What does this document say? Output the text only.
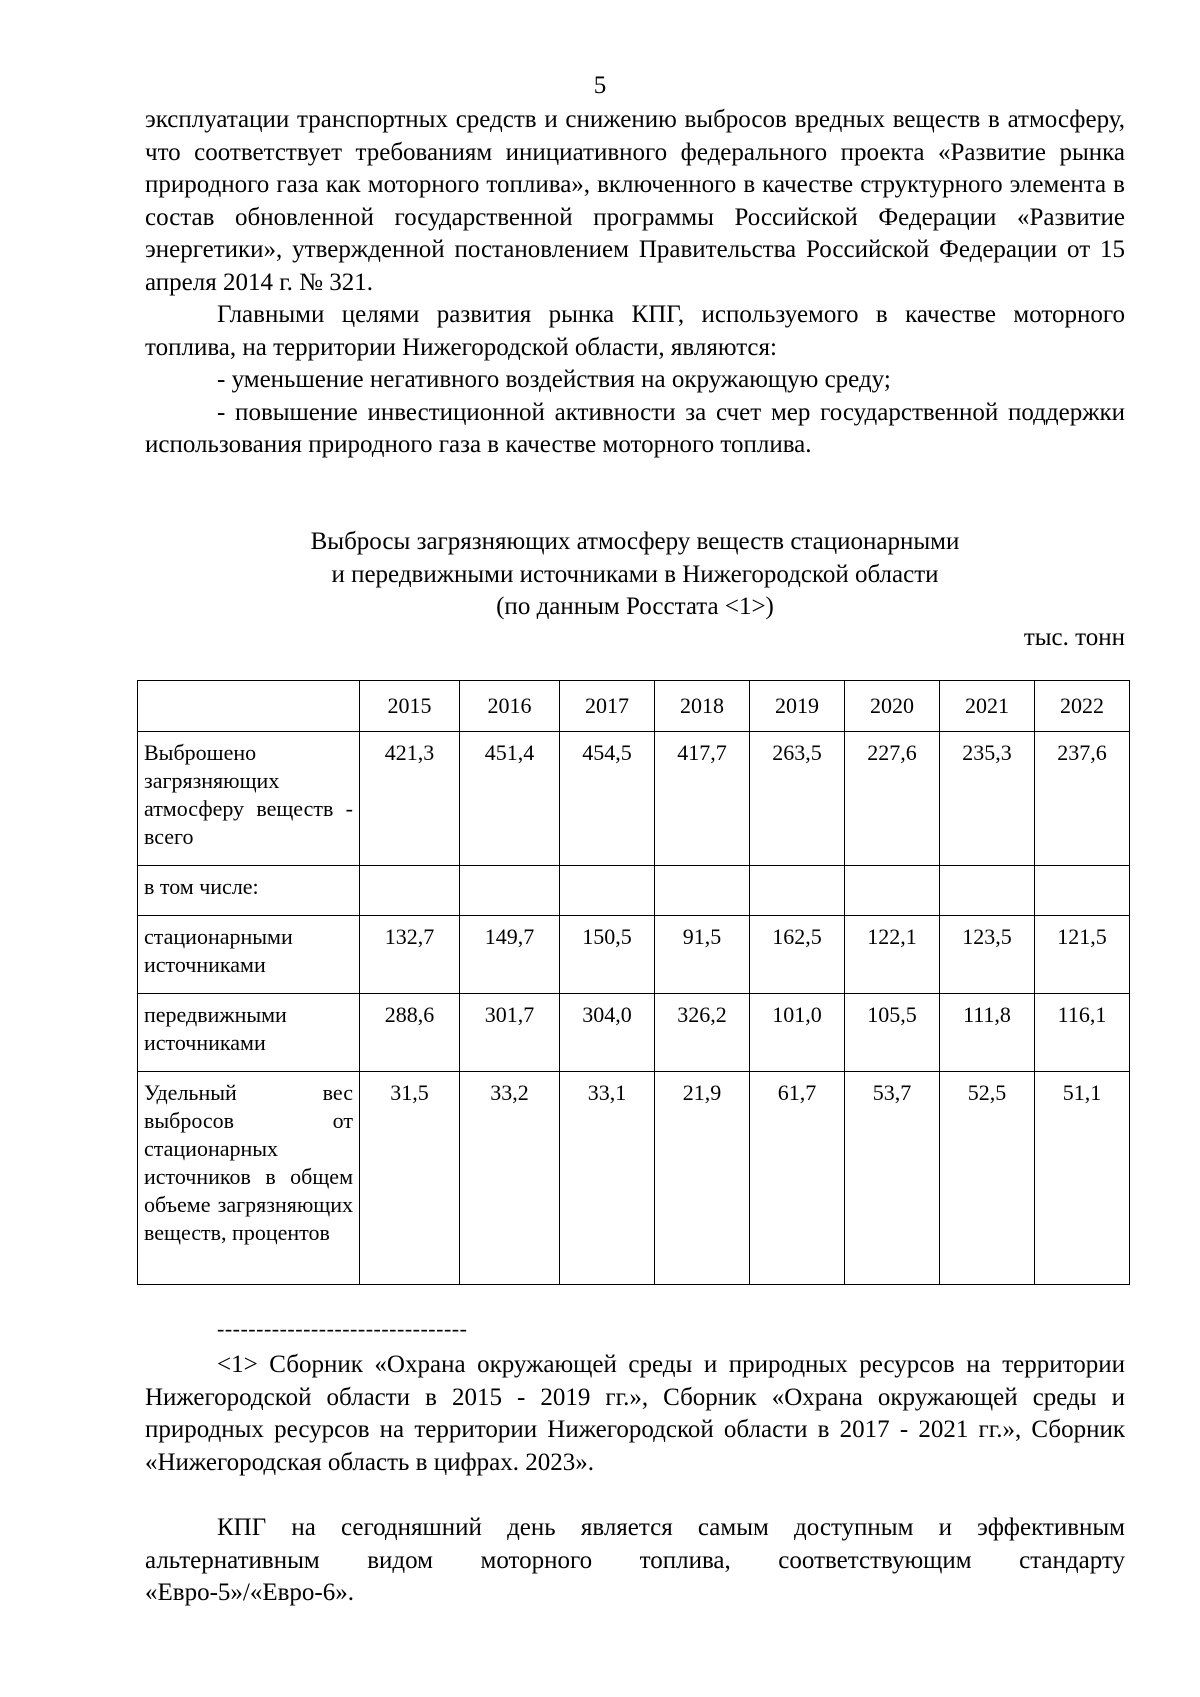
5

эксплуатации транспортных средств и снижению выбросов вредных веществ в атмосферу, что соответствует требованиям инициативного федерального проекта «Развитие рынка природного газа как моторного топлива», включенного в качестве структурного элемента в состав обновленной государственной программы Российской Федерации «Развитие энергетики», утвержденной постановлением Правительства Российской Федерации от 15 апреля 2014 г. № 321.

Главными целями развития рынка КПГ, используемого в качестве моторного топлива, на территории Нижегородской области, являются:

- уменьшение негативного воздействия на окружающую среду;

- повышение инвестиционной активности за счет мер государственной поддержки использования природного газа в качестве моторного топлива.

Выбросы загрязняющих атмосферу веществ стационарными
и передвижными источниками в Нижегородской области
(по данным Росстата <1>)
тыс. тонн
	2015	2016	2017	2018	2019	2020	2021	2022
Выброшено загрязняющих атмосферу веществ - всего	421,3	451,4	454,5	417,7	263,5	227,6	235,3	237,6
в том числе:								
стационарными источниками	132,7	149,7	150,5	91,5	162,5	122,1	123,5	121,5
передвижными источниками	288,6	301,7	304,0	326,2	101,0	105,5	111,8	116,1
Удельный вес выбросов от стационарных источников в общем объеме загрязняющих веществ, процентов	31,5	33,2	33,1	21,9	61,7	53,7	52,5	51,1
--------------------------------

<1> Сборник «Охрана окружающей среды и природных ресурсов на территории Нижегородской области в 2015 - 2019 гг.», Сборник «Охрана окружающей среды и природных ресурсов на территории Нижегородской области в 2017 - 2021 гг.», Сборник «Нижегородская область в цифрах. 2023».

КПГ на сегодняшний день является самым доступным и эффективным альтернативным видом моторного топлива, соответствующим стандарту «Евро-5»/«Евро-6».
